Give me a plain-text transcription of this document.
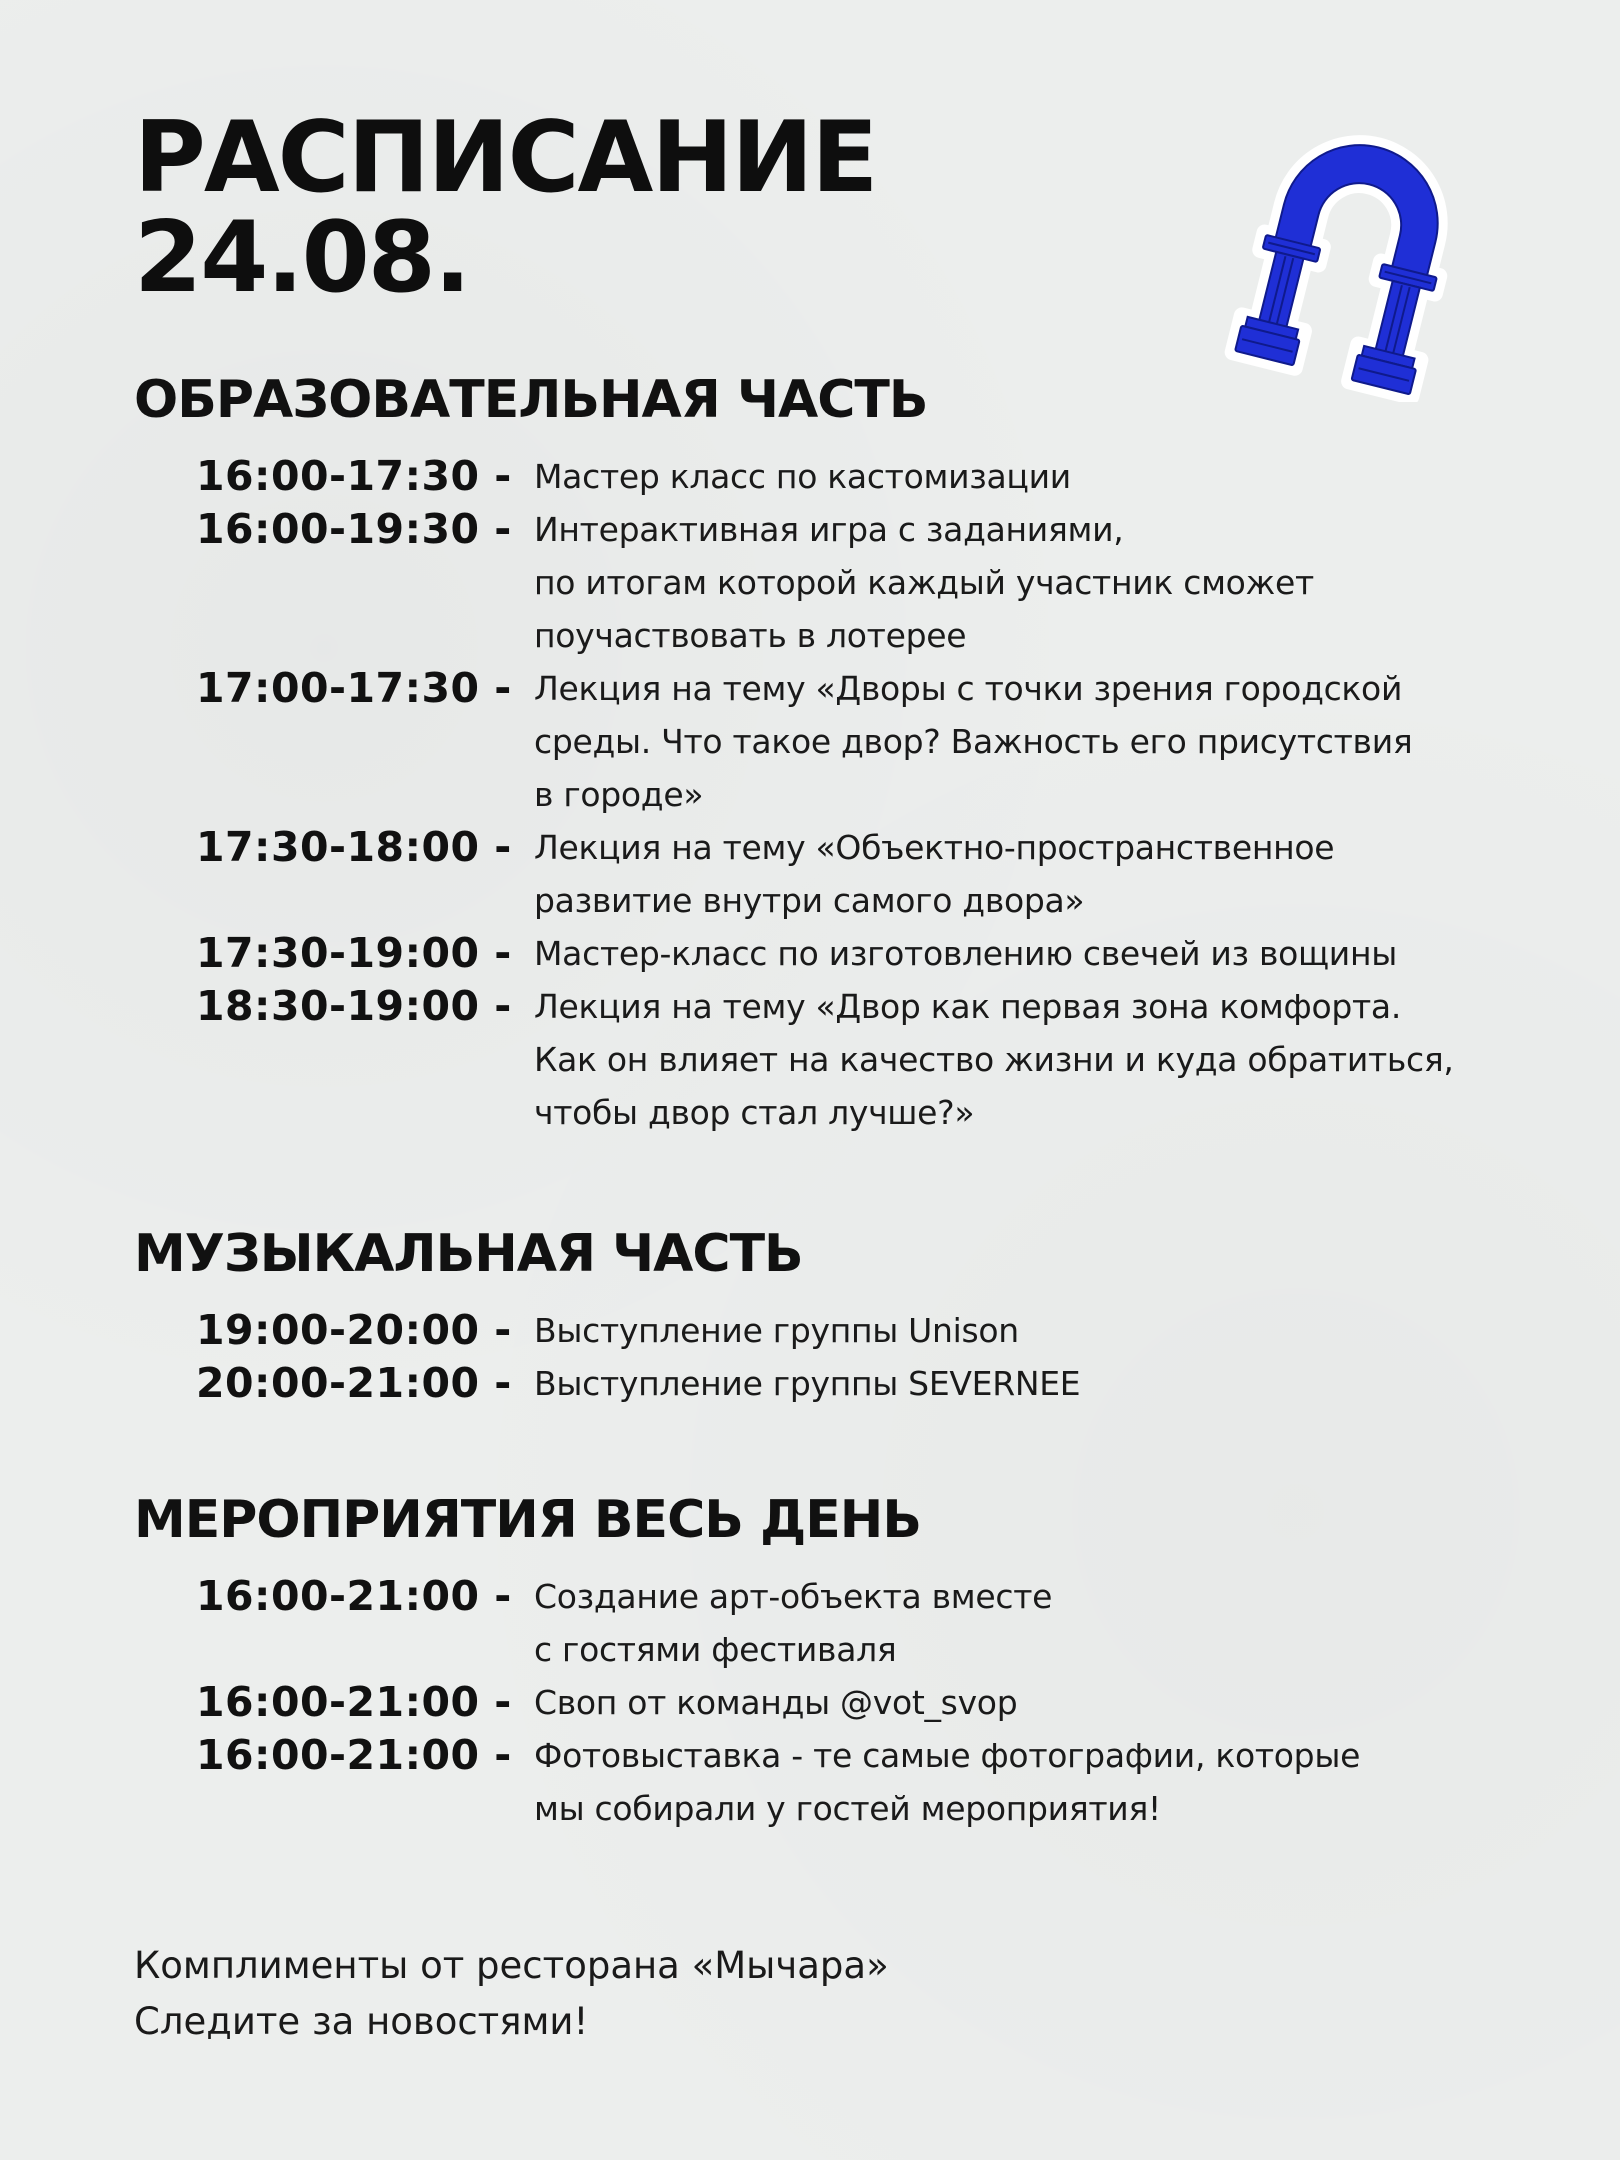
РАСПИСАНИЕ
24.08.
ОБРАЗОВАТЕЛЬНАЯ ЧАСТЬ
16:00-17:30 - Мастер класс по кастомизации
16:00-19:30 - Интерактивная игра с заданиями,
по итогам которой каждый участник сможет
поучаствовать в лотерее
17:00-17:30 - Лекция на тему «Дворы с точки зрения городской
среды. Что такое двор? Важность его присутствия
в городе»
17:30-18:00 - Лекция на тему «Объектно-пространственное
развитие внутри самого двора»
17:30-19:00 - Мастер-класс по изготовлению свечей из вощины
18:30-19:00 - Лекция на тему «Двор как первая зона комфорта.
Как он влияет на качество жизни и куда обратиться,
чтобы двор стал лучше?»
МУЗЫКАЛЬНАЯ ЧАСТЬ
19:00-20:00 - Выступление группы Unison
20:00-21:00 - Выступление группы SEVERNEE
МЕРОПРИЯТИЯ ВЕСЬ ДЕНЬ
16:00-21:00 - Создание арт-объекта вместе
с гостями фестиваля
16:00-21:00 - Своп от команды @vot_svop
16:00-21:00 - Фотовыставка - те самые фотографии, которые
мы собирали у гостей мероприятия!
Комплименты от ресторана «Мычара»
Следите за новостями!
